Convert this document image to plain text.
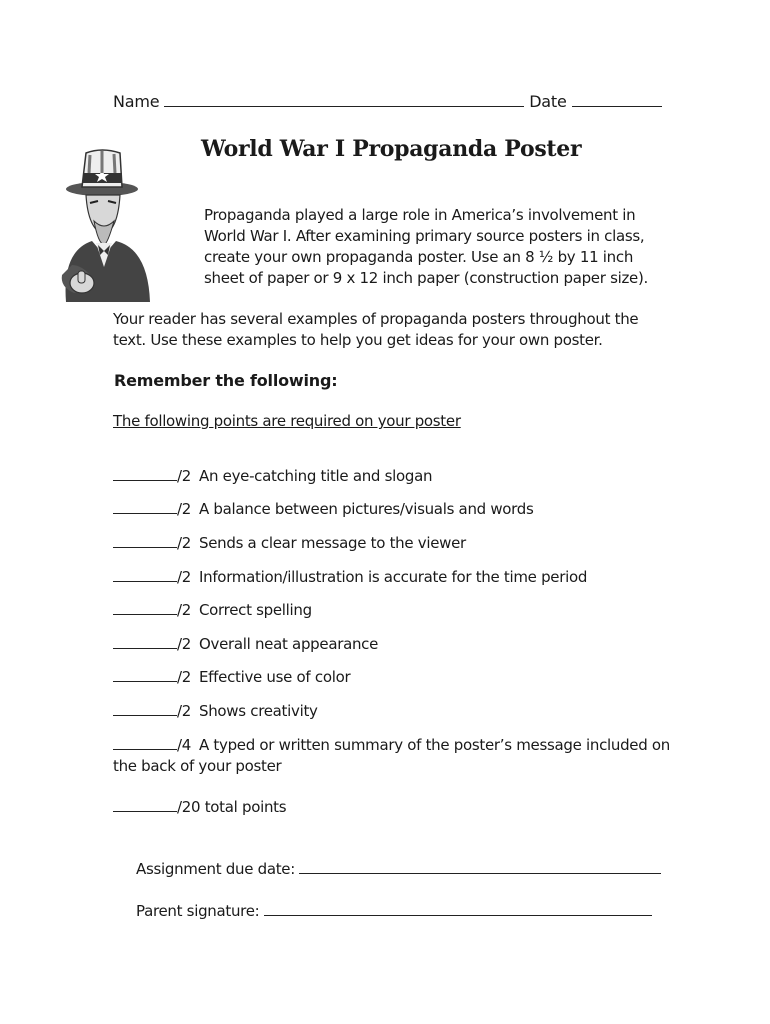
Name	Date
World War I Propaganda Poster
Propaganda played a large role in America’s involvement in World War I. After examining primary source posters in class, create your own propaganda poster. Use an 8 ½ by 11 inch sheet of paper or 9 x 12 inch paper (construction paper size).
Your reader has several examples of propaganda posters throughout the text. Use these examples to help you get ideas for your own poster.
Remember the following:
The following points are required on your poster
/2 An eye-catching title and slogan
/2 A balance between pictures/visuals and words
/2 Sends a clear message to the viewer
/2 Information/illustration is accurate for the time period
/2 Correct spelling
/2 Overall neat appearance
/2 Effective use of color
/2 Shows creativity
/4 A typed or written summary of the poster’s message included on the back of your poster
/20 total points
Assignment due date:
Parent signature:
